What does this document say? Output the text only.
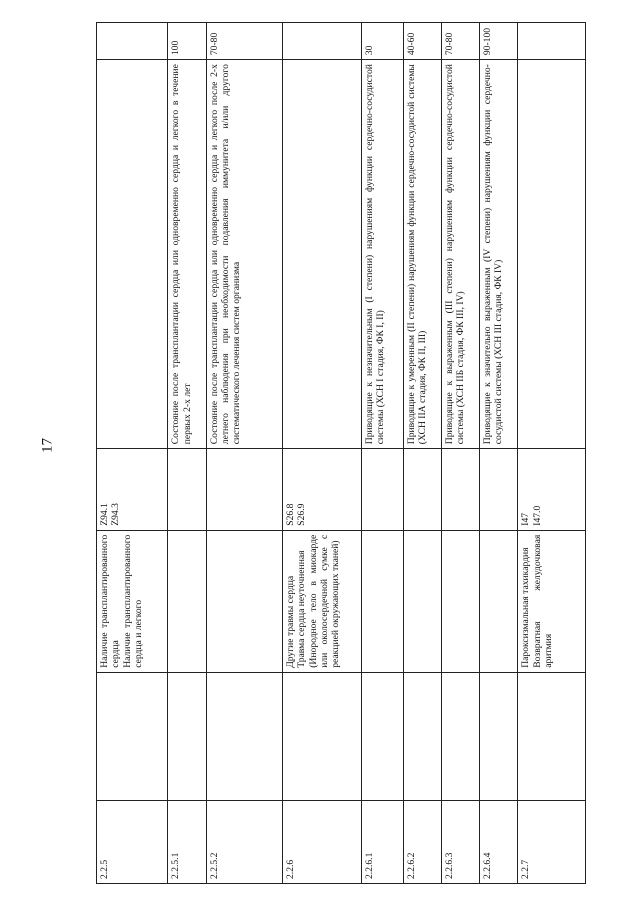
17
2.2.5		Наличие трансплантированного сердца Наличие трансплантированного сердца и легкого	Z94.1 Z94.3		

2.2.5.1				Состояние после трансплантации сердца или одновременно сердца и легкого в течение первых 2-х лет	100
2.2.5.2				Состояние после трансплантации сердца или одновременно сердца и легкого после 2-х летнего наблюдения при необходимости подавления иммунитета и/или другого систематического лечения систем организма	70-80
2.2.6		Другие травмы сердца Травма сердца неуточненная (Инородное тело в миокарде или околосердечной сумке с реакцией окружающих тканей)	S26.8 S26.9		

2.2.6.1				Приводящие к незначительным (I степени) нарушениям функции сердечно-сосудистой системы (ХСН I стадия, ФК I, II)	30
2.2.6.2				Приводящие к умеренным (II степени) нарушениям функции сердечно-сосудистой системы (ХСН IIА стадия, ФК II, III)	40-60
2.2.6.3				Приводящие к выраженным (III степени) нарушениям функции сердечно-сосудистой системы (ХСН IIБ стадия, ФК III, IV)	70-80
2.2.6.4				Приводящие к значительно выраженным (IV степени) нарушениям функции сердечно-сосудистой системы (ХСН III стадия, ФК IV)	90-100
2.2.7		Пароксизмальная тахикардия Возвратная желудочковая аритмия	I47 I47.0		
